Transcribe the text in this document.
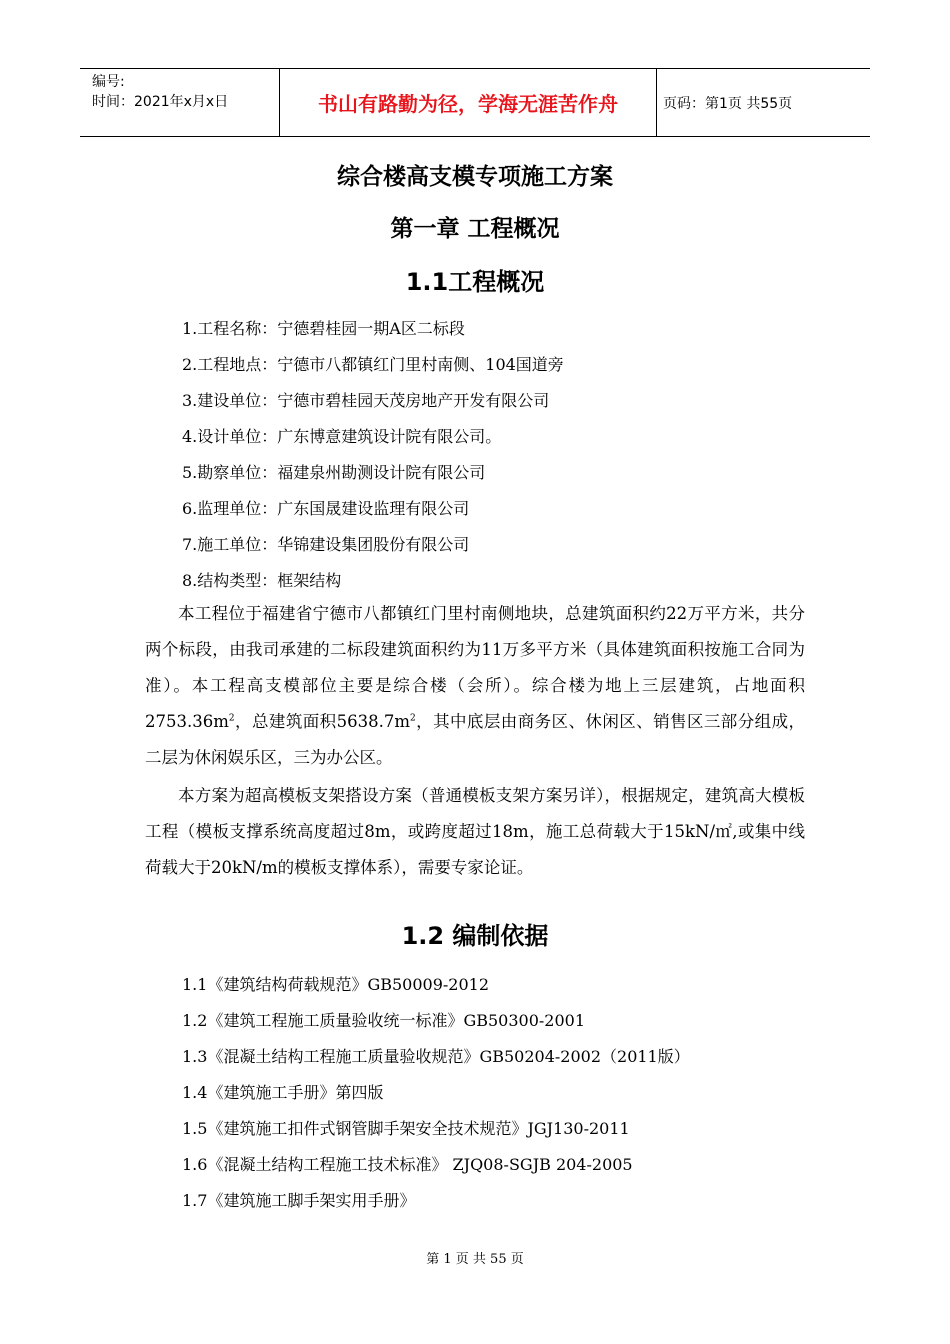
编号:
时间：2021年x月x日	书山有路勤为径，学海无涯苦作舟	页码：第1页 共55页
综合楼高支模专项施工方案
第一章 工程概况
1.1工程概况
1.工程名称：宁德碧桂园一期A区二标段
2.工程地点：宁德市八都镇红门里村南侧、104国道旁
3.建设单位：宁德市碧桂园天茂房地产开发有限公司
4.设计单位：广东博意建筑设计院有限公司。
5.勘察单位：福建泉州勘测设计院有限公司
6.监理单位：广东国晟建设监理有限公司
7.施工单位：华锦建设集团股份有限公司
8.结构类型：框架结构
本工程位于福建省宁德市八都镇红门里村南侧地块，总建筑面积约22万平方米，共分两个标段，由我司承建的二标段建筑面积约为11万多平方米（具体建筑面积按施工合同为准）。本工程高支模部位主要是综合楼（会所）。综合楼为地上三层建筑，占地面积$2753.36m^2$，总建筑面积$5638.7m^2$，其中底层由商务区、休闲区、销售区三部分组成，二层为休闲娱乐区，三为办公区。
本方案为超高模板支架搭设方案（普通模板支架方案另详），根据规定，建筑高大模板工程（模板支撑系统高度超过8m，或跨度超过18m，施工总荷载大于15kN/㎡,或集中线荷载大于20kN/m的模板支撑体系），需要专家论证。
1.2 编制依据
1.1《建筑结构荷载规范》GB50009-2012
1.2《建筑工程施工质量验收统一标准》GB50300-2001
1.3《混凝土结构工程施工质量验收规范》GB50204-2002（2011版）
1.4《建筑施工手册》第四版
1.5《建筑施工扣件式钢管脚手架安全技术规范》JGJ130-2011
1.6《混凝土结构工程施工技术标准》 ZJQ08-SGJB 204-2005
1.7《建筑施工脚手架实用手册》
第 1 页 共 55 页
